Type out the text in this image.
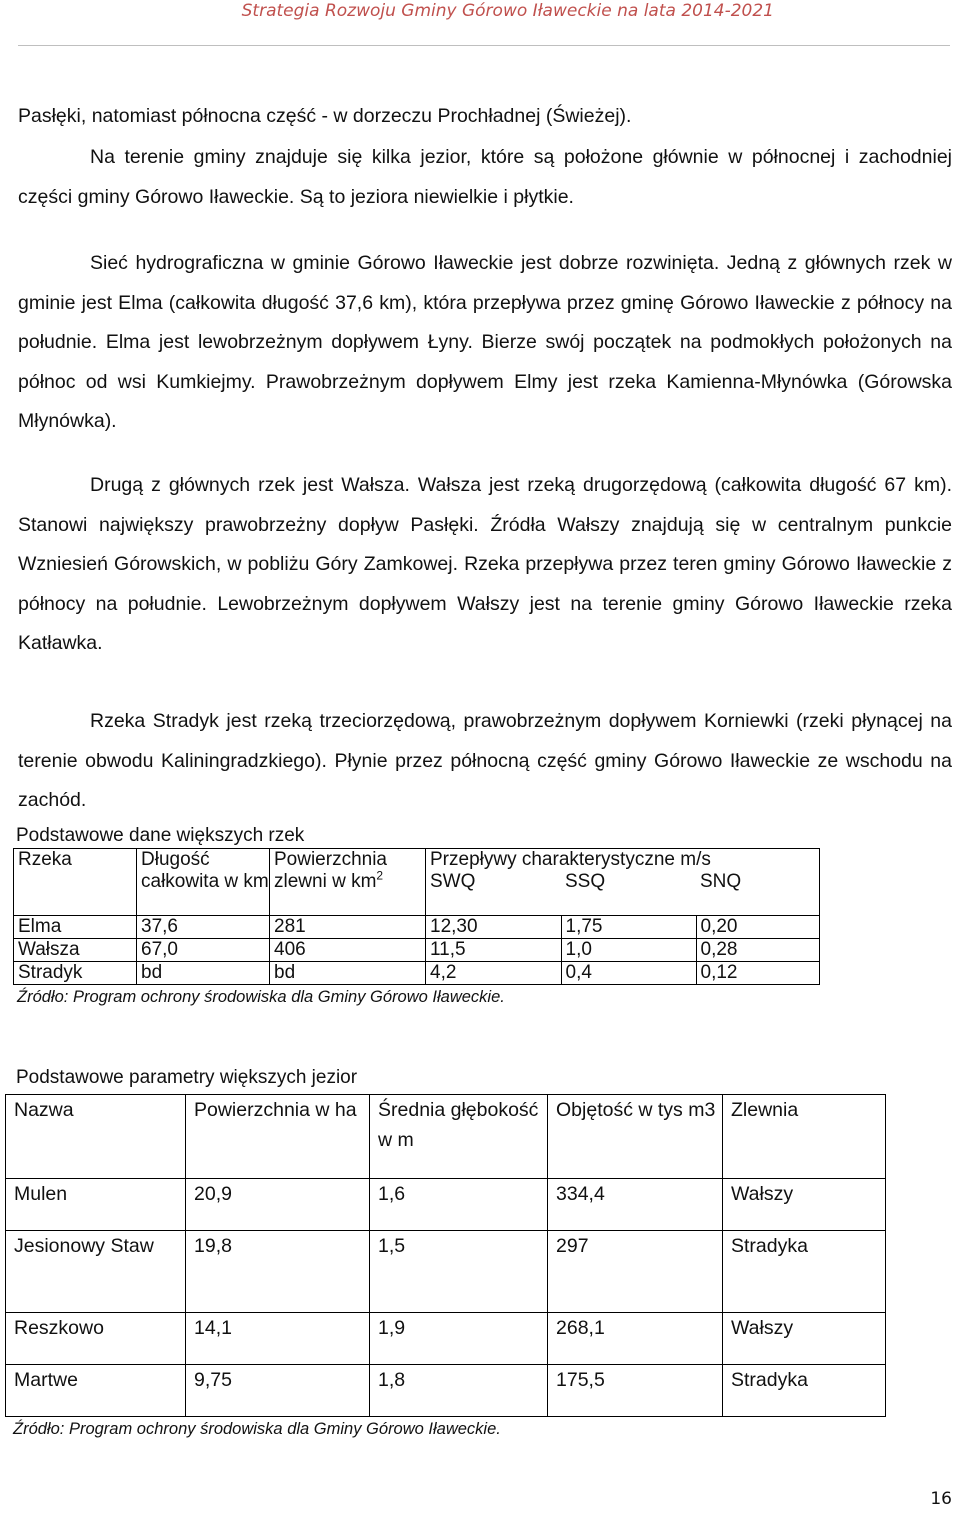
Strategia Rozwoju Gminy Górowo Iławeckie na lata 2014-2021
Pasłęki, natomiast północna część - w dorzeczu Prochładnej (Świeżej).
Na terenie gminy znajduje się kilka jezior, które są położone głównie w północnej i zachodniej części gminy Górowo Iławeckie. Są to jeziora niewielkie i płytkie.
Sieć hydrograficzna w gminie Górowo Iławeckie jest dobrze rozwinięta. Jedną z głównych rzek w gminie jest Elma (całkowita długość 37,6 km), która przepływa przez gminę Górowo Iławeckie z północy na południe. Elma jest lewobrzeżnym dopływem Łyny. Bierze swój początek na podmokłych położonych na północ od wsi Kumkiejmy. Prawobrzeżnym dopływem Elmy jest rzeka Kamienna-Młynówka (Górowska Młynówka).
Drugą z głównych rzek jest Wałsza. Wałsza jest rzeką drugorzędową (całkowita długość 67 km). Stanowi największy prawobrzeżny dopływ Pasłęki. Źródła Wałszy znajdują się w centralnym punkcie Wzniesień Górowskich, w pobliżu Góry Zamkowej. Rzeka przepływa przez teren gminy Górowo Iławeckie z północy na południe. Lewobrzeżnym dopływem Wałszy jest na terenie gminy Górowo Iławeckie rzeka Katławka.
Rzeka Stradyk jest rzeką trzeciorzędową, prawobrzeżnym dopływem Korniewki (rzeki płynącej na terenie obwodu Kaliningradzkiego). Płynie przez północną część gminy Górowo Iławeckie ze wschodu na zachód.
Podstawowe dane większych rzek
Rzeka	Długość całkowita w km	Powierzchnia zlewni w $km^2$	Przepływy charakterystyczne m/s		
			SWQ	SSQ	SNQ
Elma	37,6	281	12,30	1,75	0,20
Wałsza	67,0	406	11,5	1,0	0,28
Stradyk	bd	bd	4,2	0,4	0,12
Źródło: Program ochrony środowiska dla Gminy Górowo Iławeckie.
Podstawowe parametry większych jezior
Nazwa	Powierzchnia w ha	Średnia głębokość w m	Objętość w tys m3	Zlewnia
Mulen	20,9	1,6	334,4	Wałszy
Jesionowy Staw	19,8	1,5	297	Stradyka
Reszkowo	14,1	1,9	268,1	Wałszy
Martwe	9,75	1,8	175,5	Stradyka
Źródło: Program ochrony środowiska dla Gminy Górowo Iławeckie.
16
